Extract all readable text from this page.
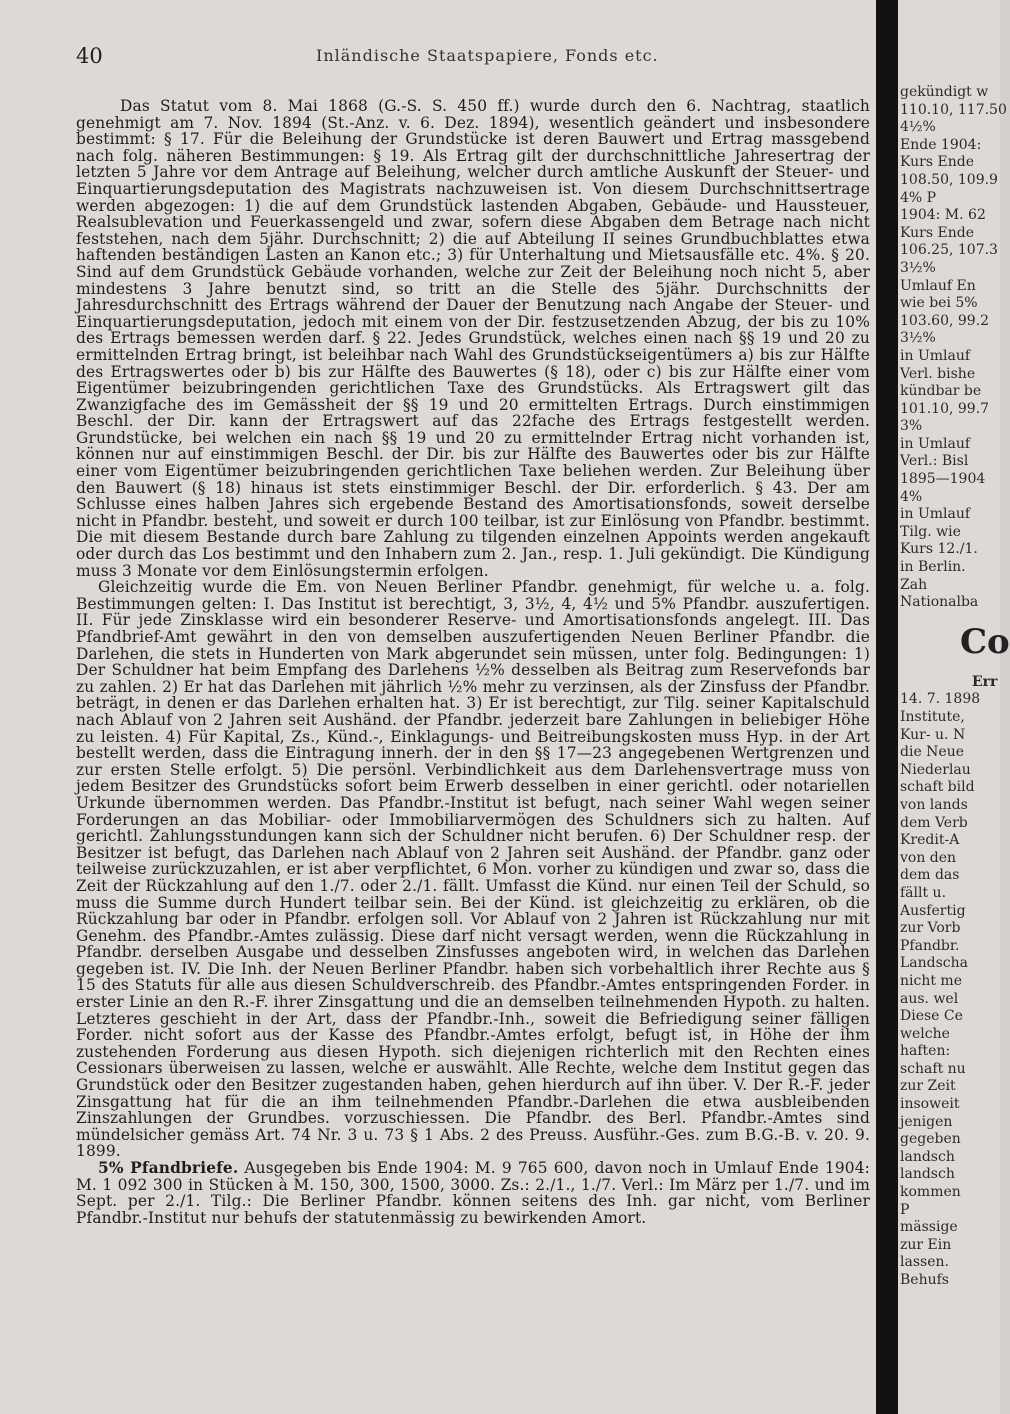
40	Inländische Staatspapiere, Fonds etc.

Das Statut vom 8. Mai 1868 (G.-S. S. 450 ff.) wurde durch den 6. Nachtrag, staatlich genehmigt am 7. Nov. 1894 (St.-Anz. v. 6. Dez. 1894), wesentlich geändert und insbesondere bestimmt: § 17. Für die Beleihung der Grundstücke ist deren Bauwert und Ertrag massgebend nach folg. näheren Bestimmungen: § 19. Als Ertrag gilt der durchschnittliche Jahresertrag der letzten 5 Jahre vor dem Antrage auf Beleihung, welcher durch amtliche Auskunft der Steuer- und Einquartierungsdeputation des Magistrats nachzuweisen ist. Von diesem Durchschnittsertrage werden abgezogen: 1) die auf dem Grundstück lastenden Abgaben, Gebäude- und Haussteuer, Realsublevation und Feuerkassengeld und zwar, sofern diese Abgaben dem Betrage nach nicht feststehen, nach dem 5jähr. Durchschnitt; 2) die auf Abteilung II seines Grundbuchblattes etwa haftenden beständigen Lasten an Kanon etc.; 3) für Unterhaltung und Mietsausfälle etc. 4%. § 20. Sind auf dem Grundstück Gebäude vorhanden, welche zur Zeit der Beleihung noch nicht 5, aber mindestens 3 Jahre benutzt sind, so tritt an die Stelle des 5jähr. Durchschnitts der Jahresdurchschnitt des Ertrags während der Dauer der Benutzung nach Angabe der Steuer- und Einquartierungsdeputation, jedoch mit einem von der Dir. festzusetzenden Abzug, der bis zu 10% des Ertrags bemessen werden darf. § 22. Jedes Grundstück, welches einen nach §§ 19 und 20 zu ermittelnden Ertrag bringt, ist beleihbar nach Wahl des Grundstückseigentümers a) bis zur Hälfte des Ertragswertes oder b) bis zur Hälfte des Bauwertes (§ 18), oder c) bis zur Hälfte einer vom Eigentümer beizubringenden gerichtlichen Taxe des Grundstücks. Als Ertragswert gilt das Zwanzigfache des im Gemässheit der §§ 19 und 20 ermittelten Ertrags. Durch einstimmigen Beschl. der Dir. kann der Ertragswert auf das 22fache des Ertrags festgestellt werden. Grundstücke, bei welchen ein nach §§ 19 und 20 zu ermittelnder Ertrag nicht vorhanden ist, können nur auf einstimmigen Beschl. der Dir. bis zur Hälfte des Bauwertes oder bis zur Hälfte einer vom Eigentümer beizubringenden gerichtlichen Taxe beliehen werden. Zur Beleihung über den Bauwert (§ 18) hinaus ist stets einstimmiger Beschl. der Dir. erforderlich. § 43. Der am Schlusse eines halben Jahres sich ergebende Bestand des Amortisationsfonds, soweit derselbe nicht in Pfandbr. besteht, und soweit er durch 100 teilbar, ist zur Einlösung von Pfandbr. bestimmt. Die mit diesem Bestande durch bare Zahlung zu tilgenden einzelnen Appoints werden angekauft oder durch das Los bestimmt und den Inhabern zum 2. Jan., resp. 1. Juli gekündigt. Die Kündigung muss 3 Monate vor dem Einlösungstermin erfolgen.

Gleichzeitig wurde die Em. von Neuen Berliner Pfandbr. genehmigt, für welche u. a. folg. Bestimmungen gelten: I. Das Institut ist berechtigt, 3, 3½, 4, 4½ und 5% Pfandbr. auszufertigen. II. Für jede Zinsklasse wird ein besonderer Reserve- und Amortisationsfonds angelegt. III. Das Pfandbrief-Amt gewährt in den von demselben auszufertigenden Neuen Berliner Pfandbr. die Darlehen, die stets in Hunderten von Mark abgerundet sein müssen, unter folg. Bedingungen: 1) Der Schuldner hat beim Empfang des Darlehens ½% desselben als Beitrag zum Reservefonds bar zu zahlen. 2) Er hat das Darlehen mit jährlich ½% mehr zu verzinsen, als der Zinsfuss der Pfandbr. beträgt, in denen er das Darlehen erhalten hat. 3) Er ist berechtigt, zur Tilg. seiner Kapitalschuld nach Ablauf von 2 Jahren seit Aushänd. der Pfandbr. jederzeit bare Zahlungen in beliebiger Höhe zu leisten. 4) Für Kapital, Zs., Künd.-, Einklagungs- und Beitreibungskosten muss Hyp. in der Art bestellt werden, dass die Eintragung innerh. der in den §§ 17—23 angegebenen Wertgrenzen und zur ersten Stelle erfolgt. 5) Die persönl. Verbindlichkeit aus dem Darlehensvertrage muss von jedem Besitzer des Grundstücks sofort beim Erwerb desselben in einer gerichtl. oder notariellen Urkunde übernommen werden. Das Pfandbr.-Institut ist befugt, nach seiner Wahl wegen seiner Forderungen an das Mobiliar- oder Immobiliarvermögen des Schuldners sich zu halten. Auf gerichtl. Zahlungsstundungen kann sich der Schuldner nicht berufen. 6) Der Schuldner resp. der Besitzer ist befugt, das Darlehen nach Ablauf von 2 Jahren seit Aushänd. der Pfandbr. ganz oder teilweise zurückzuzahlen, er ist aber verpflichtet, 6 Mon. vorher zu kündigen und zwar so, dass die Zeit der Rückzahlung auf den 1./7. oder 2./1. fällt. Umfasst die Künd. nur einen Teil der Schuld, so muss die Summe durch Hundert teilbar sein. Bei der Künd. ist gleichzeitig zu erklären, ob die Rückzahlung bar oder in Pfandbr. erfolgen soll. Vor Ablauf von 2 Jahren ist Rückzahlung nur mit Genehm. des Pfandbr.-Amtes zulässig. Diese darf nicht versagt werden, wenn die Rückzahlung in Pfandbr. derselben Ausgabe und desselben Zinsfusses angeboten wird, in welchen das Darlehen gegeben ist. IV. Die Inh. der Neuen Berliner Pfandbr. haben sich vorbehaltlich ihrer Rechte aus § 15 des Statuts für alle aus diesen Schuldverschreib. des Pfandbr.-Amtes entspringenden Forder. in erster Linie an den R.-F. ihrer Zinsgattung und die an demselben teilnehmenden Hypoth. zu halten. Letzteres geschieht in der Art, dass der Pfandbr.-Inh., soweit die Befriedigung seiner fälligen Forder. nicht sofort aus der Kasse des Pfandbr.-Amtes erfolgt, befugt ist, in Höhe der ihm zustehenden Forderung aus diesen Hypoth. sich diejenigen richterlich mit den Rechten eines Cessionars überweisen zu lassen, welche er auswählt. Alle Rechte, welche dem Institut gegen das Grundstück oder den Besitzer zugestanden haben, gehen hierdurch auf ihn über. V. Der R.-F. jeder Zinsgattung hat für die an ihm teilnehmenden Pfandbr.-Darlehen die etwa ausbleibenden Zinszahlungen der Grundbes. vorzuschiessen. Die Pfandbr. des Berl. Pfandbr.-Amtes sind mündelsicher gemäss Art. 74 Nr. 3 u. 73 § 1 Abs. 2 des Preuss. Ausführ.-Ges. zum B.G.-B. v. 20. 9. 1899.

5% Pfandbriefe. Ausgegeben bis Ende 1904: M. 9 765 600, davon noch in Umlauf Ende 1904: M. 1 092 300 in Stücken à M. 150, 300, 1500, 3000. Zs.: 2./1., 1./7. Verl.: Im März per 1./7. und im Sept. per 2./1. Tilg.: Die Berliner Pfandbr. können seitens des Inh. gar nicht, vom Berliner Pfandbr.-Institut nur behufs der statutenmässig zu bewirkenden Amort.

gekündigt w
110.10, 117.50
4½%
Ende 1904:
Kurs Ende
108.50, 109.9
4% P
1904: M. 62
Kurs Ende
106.25, 107.3
3½%
Umlauf En
wie bei 5%
103.60, 99.2
3½%
in Umlauf
Verl. bishe
kündbar be
101.10, 99.7
3%
in Umlauf
Verl.: Bisl
1895—1904
4%
in Umlauf
Tilg. wie
Kurs 12./1.
in Berlin.
Zah
Nationalba
Co
Err
14. 7. 1898
Institute,
Kur- u. N
die Neue
Niederlau
schaft bild
von lands
dem Verb
Kredit-A
von den
dem das
fällt u.
Ausfertig
zur Vorb
Pfandbr.
Landscha
nicht me
aus. wel
Diese Ce
welche
haften:
schaft nu
zur Zeit
insoweit
jenigen
gegeben
landsch
landsch
kommen
P
mässige
zur Ein
lassen.
Behufs
